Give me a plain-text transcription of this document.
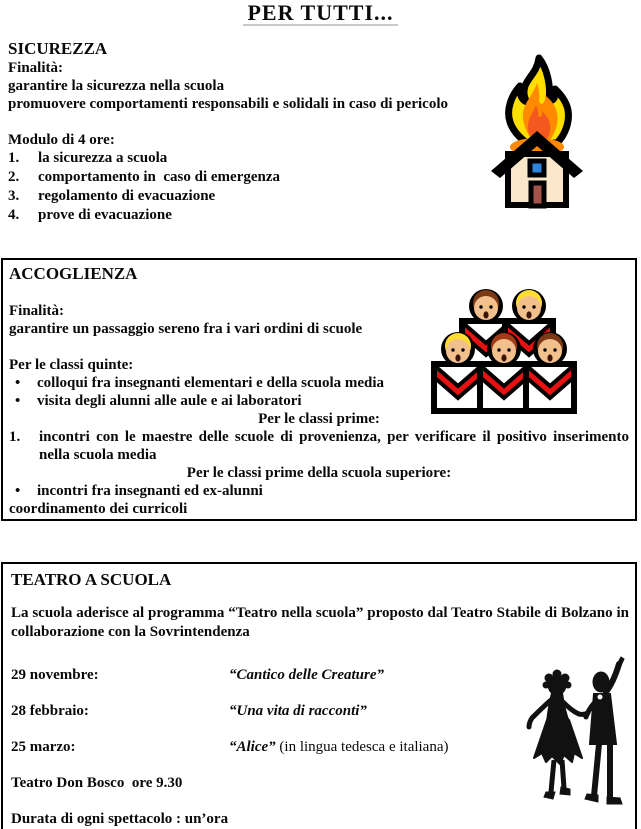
PER TUTTI...
SICUREZZA
Finalità:
garantire la sicurezza nella scuola
promuovere comportamenti responsabili e solidali in caso di pericolo
Modulo di 4 ore:
la sicurezza a scuola
comportamento in  caso di emergenza
regolamento di evacuazione
prove di evacuazione
ACCOGLIENZA
Finalità:
garantire un passaggio sereno fra i vari ordini di scuole
Per le classi quinte:
• colloqui fra insegnanti elementari e della scuola media
• visita degli alunni alle aule e ai laboratori
Per le classi prime:
incontri con le maestre delle scuole di provenienza, per verificare il positivo inserimento nella scuola media
Per le classi prime della scuola superiore:
• incontri fra insegnanti ed ex-alunni
coordinamento dei curricoli
TEATRO A SCUOLA

La scuola aderisce al programma “Teatro nella scuola” proposto dal Teatro Stabile di Bolzano in collaborazione con la Sovrintendenza

29 novembre:	“Cantico delle Creature”
28 febbraio:	“Una vita di racconti”
25 marzo:	“Alice” (in lingua tedesca e italiana)
Teatro Don Bosco  ore 9.30
Durata di ogni spettacolo : un’ora
